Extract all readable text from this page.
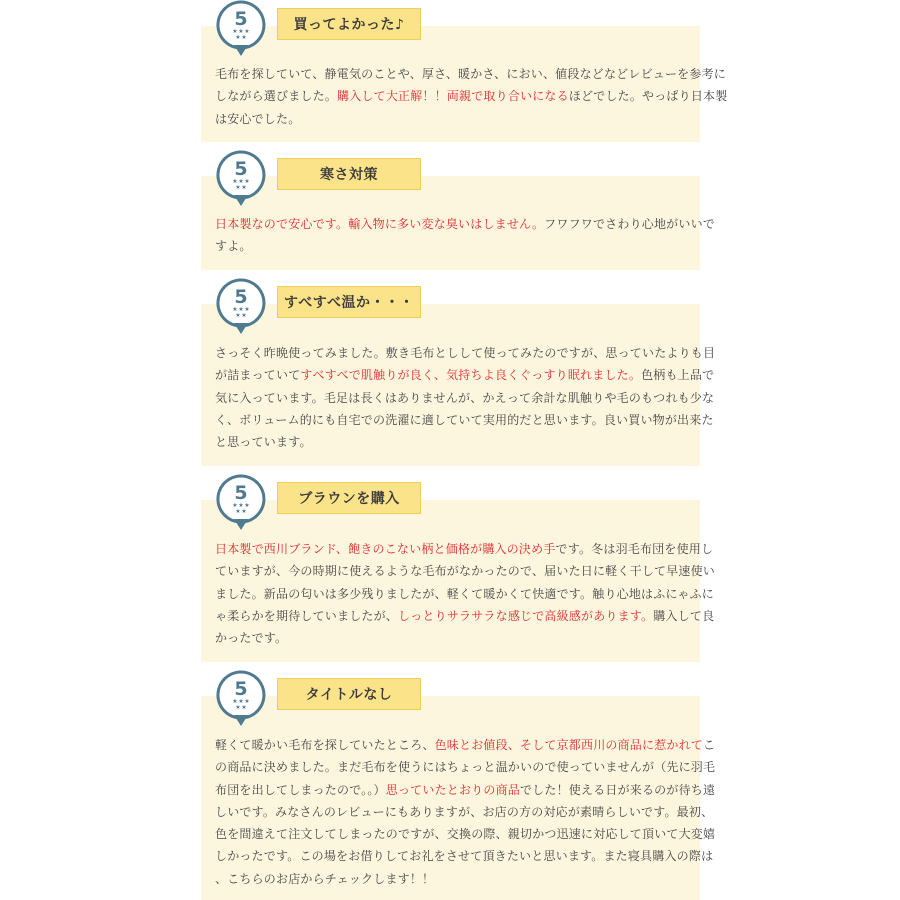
5
★ ★ ★
★ ★
買ってよかった♪
毛布を探していて、静電気のことや、厚さ、暖かさ、におい、値段などなどレビューを参考に
しながら選びました。購入して大正解！！両親で取り合いになるほどでした。やっぱり日本製
は安心でした。
5
★ ★ ★
★ ★
寒さ対策
日本製なので安心です。輸入物に多い変な臭いはしません。フワフワでさわり心地がいいで
すよ。
5
★ ★ ★
★ ★
すべすべ温か・・・
さっそく昨晩使ってみました。敷き毛布としして使ってみたのですが、思っていたよりも目
が詰まっていてすべすべで肌触りが良く、気持ちよ良くぐっすり眠れました。色柄も上品で
気に入っています。毛足は長くはありませんが、かえって余計な肌触りや毛のもつれも少な
く、ボリューム的にも自宅での洗濯に適していて実用的だと思います。良い買い物が出来た
と思っています。
5
★ ★ ★
★ ★
ブラウンを購入
日本製で西川ブランド、飽きのこない柄と価格が購入の決め手です。冬は羽毛布団を使用し
ていますが、今の時期に使えるような毛布がなかったので、届いた日に軽く干して早速使い
ました。新品の匂いは多少残りましたが、軽くて暖かくて快適です。触り心地はふにゃふに
ゃ柔らかを期待していましたが、しっとりサラサラな感じで高級感があります。購入して良
かったです。
5
★ ★ ★
★ ★
タイトルなし
軽くて暖かい毛布を探していたところ、色味とお値段、そして京都西川の商品に惹かれてこ
の商品に決めました。まだ毛布を使うにはちょっと温かいので使っていませんが（先に羽毛
布団を出してしまったので。。）思っていたとおりの商品でした！使える日が来るのが待ち遠
しいです。みなさんのレビューにもありますが、お店の方の対応が素晴らしいです。最初、
色を間違えて注文してしまったのですが、交換の際、親切かつ迅速に対応して頂いて大変嬉
しかったです。この場をお借りしてお礼をさせて頂きたいと思います。また寝具購入の際は
、こちらのお店からチェックします！！
